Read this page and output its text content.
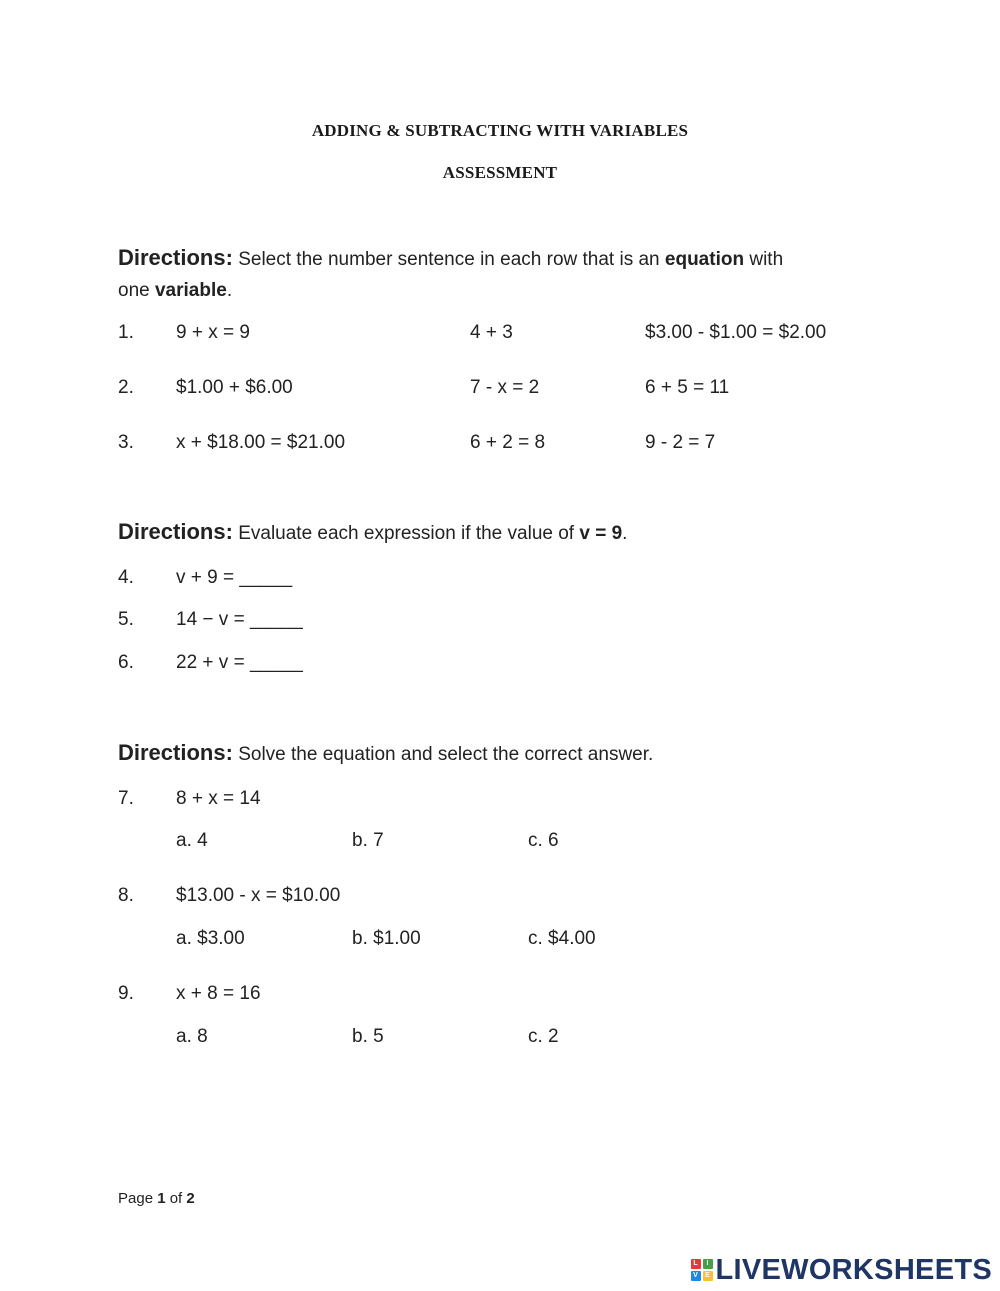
ADDING & SUBTRACTING WITH VARIABLES
ASSESSMENT
Directions: Select the number sentence in each row that is an equation with
one variable.
1. 9 + x = 9	4 + 3	$3.00 - $1.00 = $2.00
2. $1.00 + $6.00	7 - x = 2	6 + 5 = 11
3. x + $18.00 = $21.00	6 + 2 = 8	9 - 2 = 7
Directions: Evaluate each expression if the value of v = 9.
4. v + 9 = _____
5. 14 − v = _____
6. 22 + v = _____
Directions: Solve the equation and select the correct answer.
7. 8 + x = 14
a. 4	b. 7	c. 6
8. $13.00 - x = $10.00
a. $3.00	b. $1.00	c. $4.00
9. x + 8 = 16
a. 8	b. 5	c. 2
Page 1 of 2
L	I
V	E LIVEWORKSHEETS
